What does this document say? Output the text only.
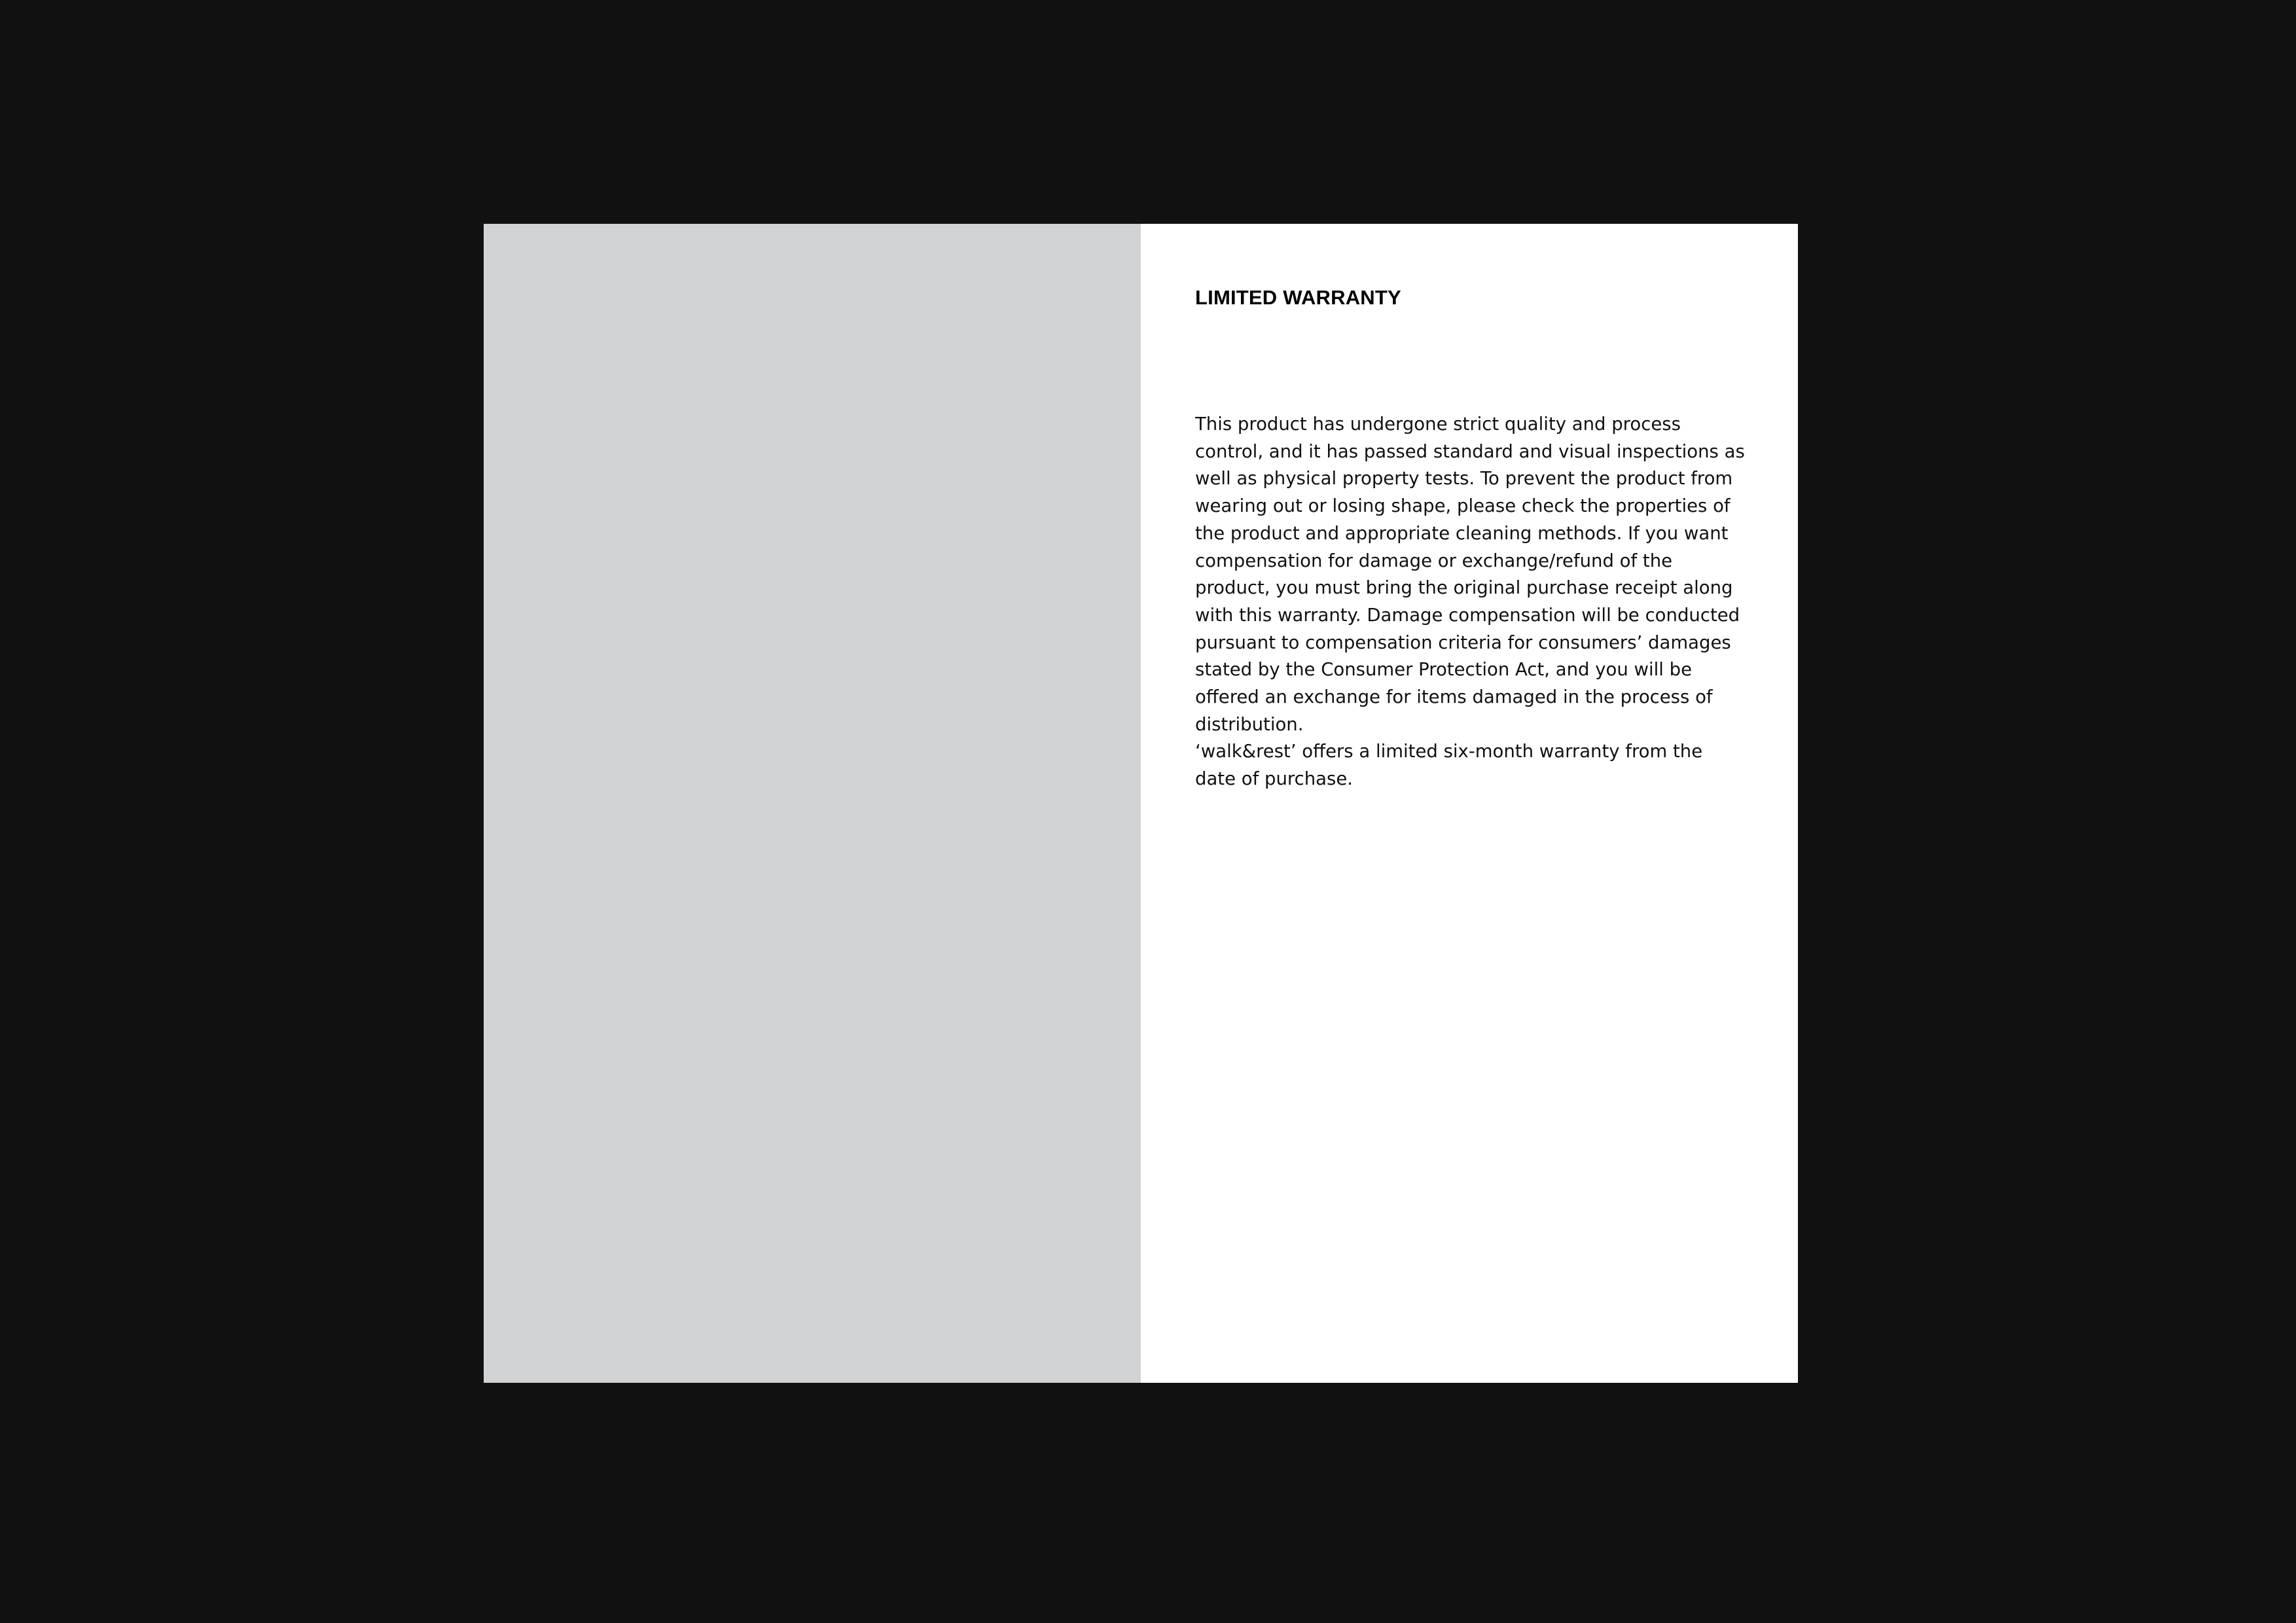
LIMITED WARRANTY

This product has undergone strict quality and process control, and it has passed standard and visual inspections as well as physical property tests. To prevent the product from wearing out or losing shape, please check the properties of the product and appropriate cleaning methods. If you want compensation for damage or exchange/refund of the product, you must bring the original purchase receipt along with this warranty. Damage compensation will be conducted pursuant to compensation criteria for consumers’ damages stated by the Consumer Protection Act, and you will be offered an exchange for items damaged in the process of distribution.

‘walk&rest’ offers a limited six-month warranty from the date of purchase.
